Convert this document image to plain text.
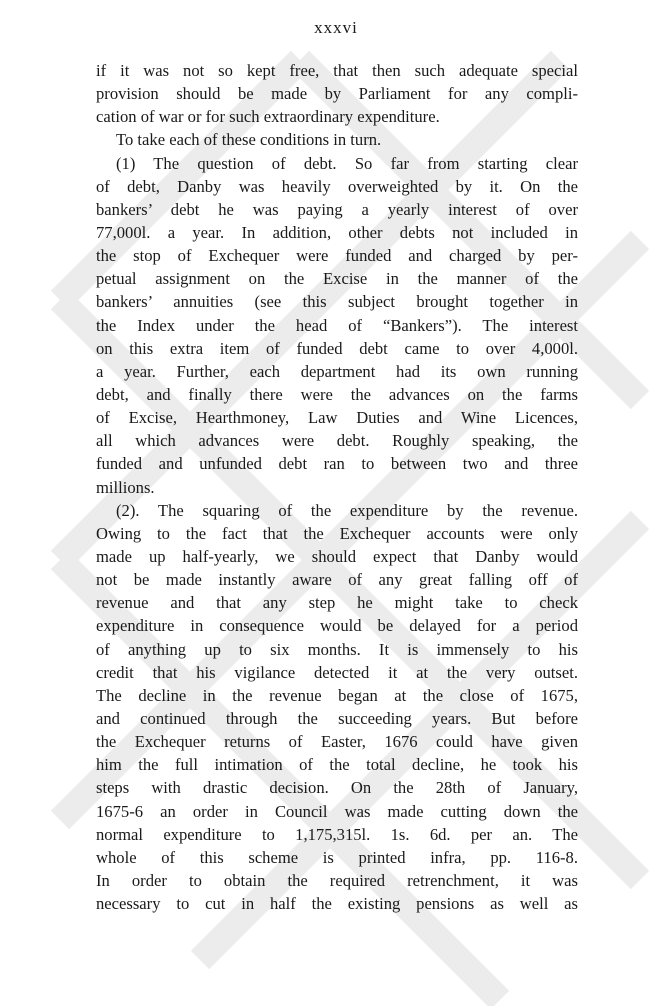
xxxvi
if it was not so kept free, that then such adequate special
provision should be made by Parliament for any compli-
cation of war or for such extraordinary expenditure.
To take each of these conditions in turn.
(1) The question of debt. So far from starting clear
of debt, Danby was heavily overweighted by it. On the
bankers’ debt he was paying a yearly interest of over
77,000l. a year. In addition, other debts not included in
the stop of Exchequer were funded and charged by per-
petual assignment on the Excise in the manner of the
bankers’ annuities (see this subject brought together in
the Index under the head of “Bankers”). The interest
on this extra item of funded debt came to over 4,000l.
a year. Further, each department had its own running
debt, and finally there were the advances on the farms
of Excise, Hearthmoney, Law Duties and Wine Licences,
all which advances were debt. Roughly speaking, the
funded and unfunded debt ran to between two and three
millions.
(2). The squaring of the expenditure by the revenue.
Owing to the fact that the Exchequer accounts were only
made up half-yearly, we should expect that Danby would
not be made instantly aware of any great falling off of
revenue and that any step he might take to check
expenditure in consequence would be delayed for a period
of anything up to six months. It is immensely to his
credit that his vigilance detected it at the very outset.
The decline in the revenue began at the close of 1675,
and continued through the succeeding years. But before
the Exchequer returns of Easter, 1676 could have given
him the full intimation of the total decline, he took his
steps with drastic decision. On the 28th of January,
1675-6 an order in Council was made cutting down the
normal expenditure to 1,175,315l. 1s. 6d. per an. The
whole of this scheme is printed infra, pp. 116-8.
In order to obtain the required retrenchment, it was
necessary to cut in half the existing pensions as well as
